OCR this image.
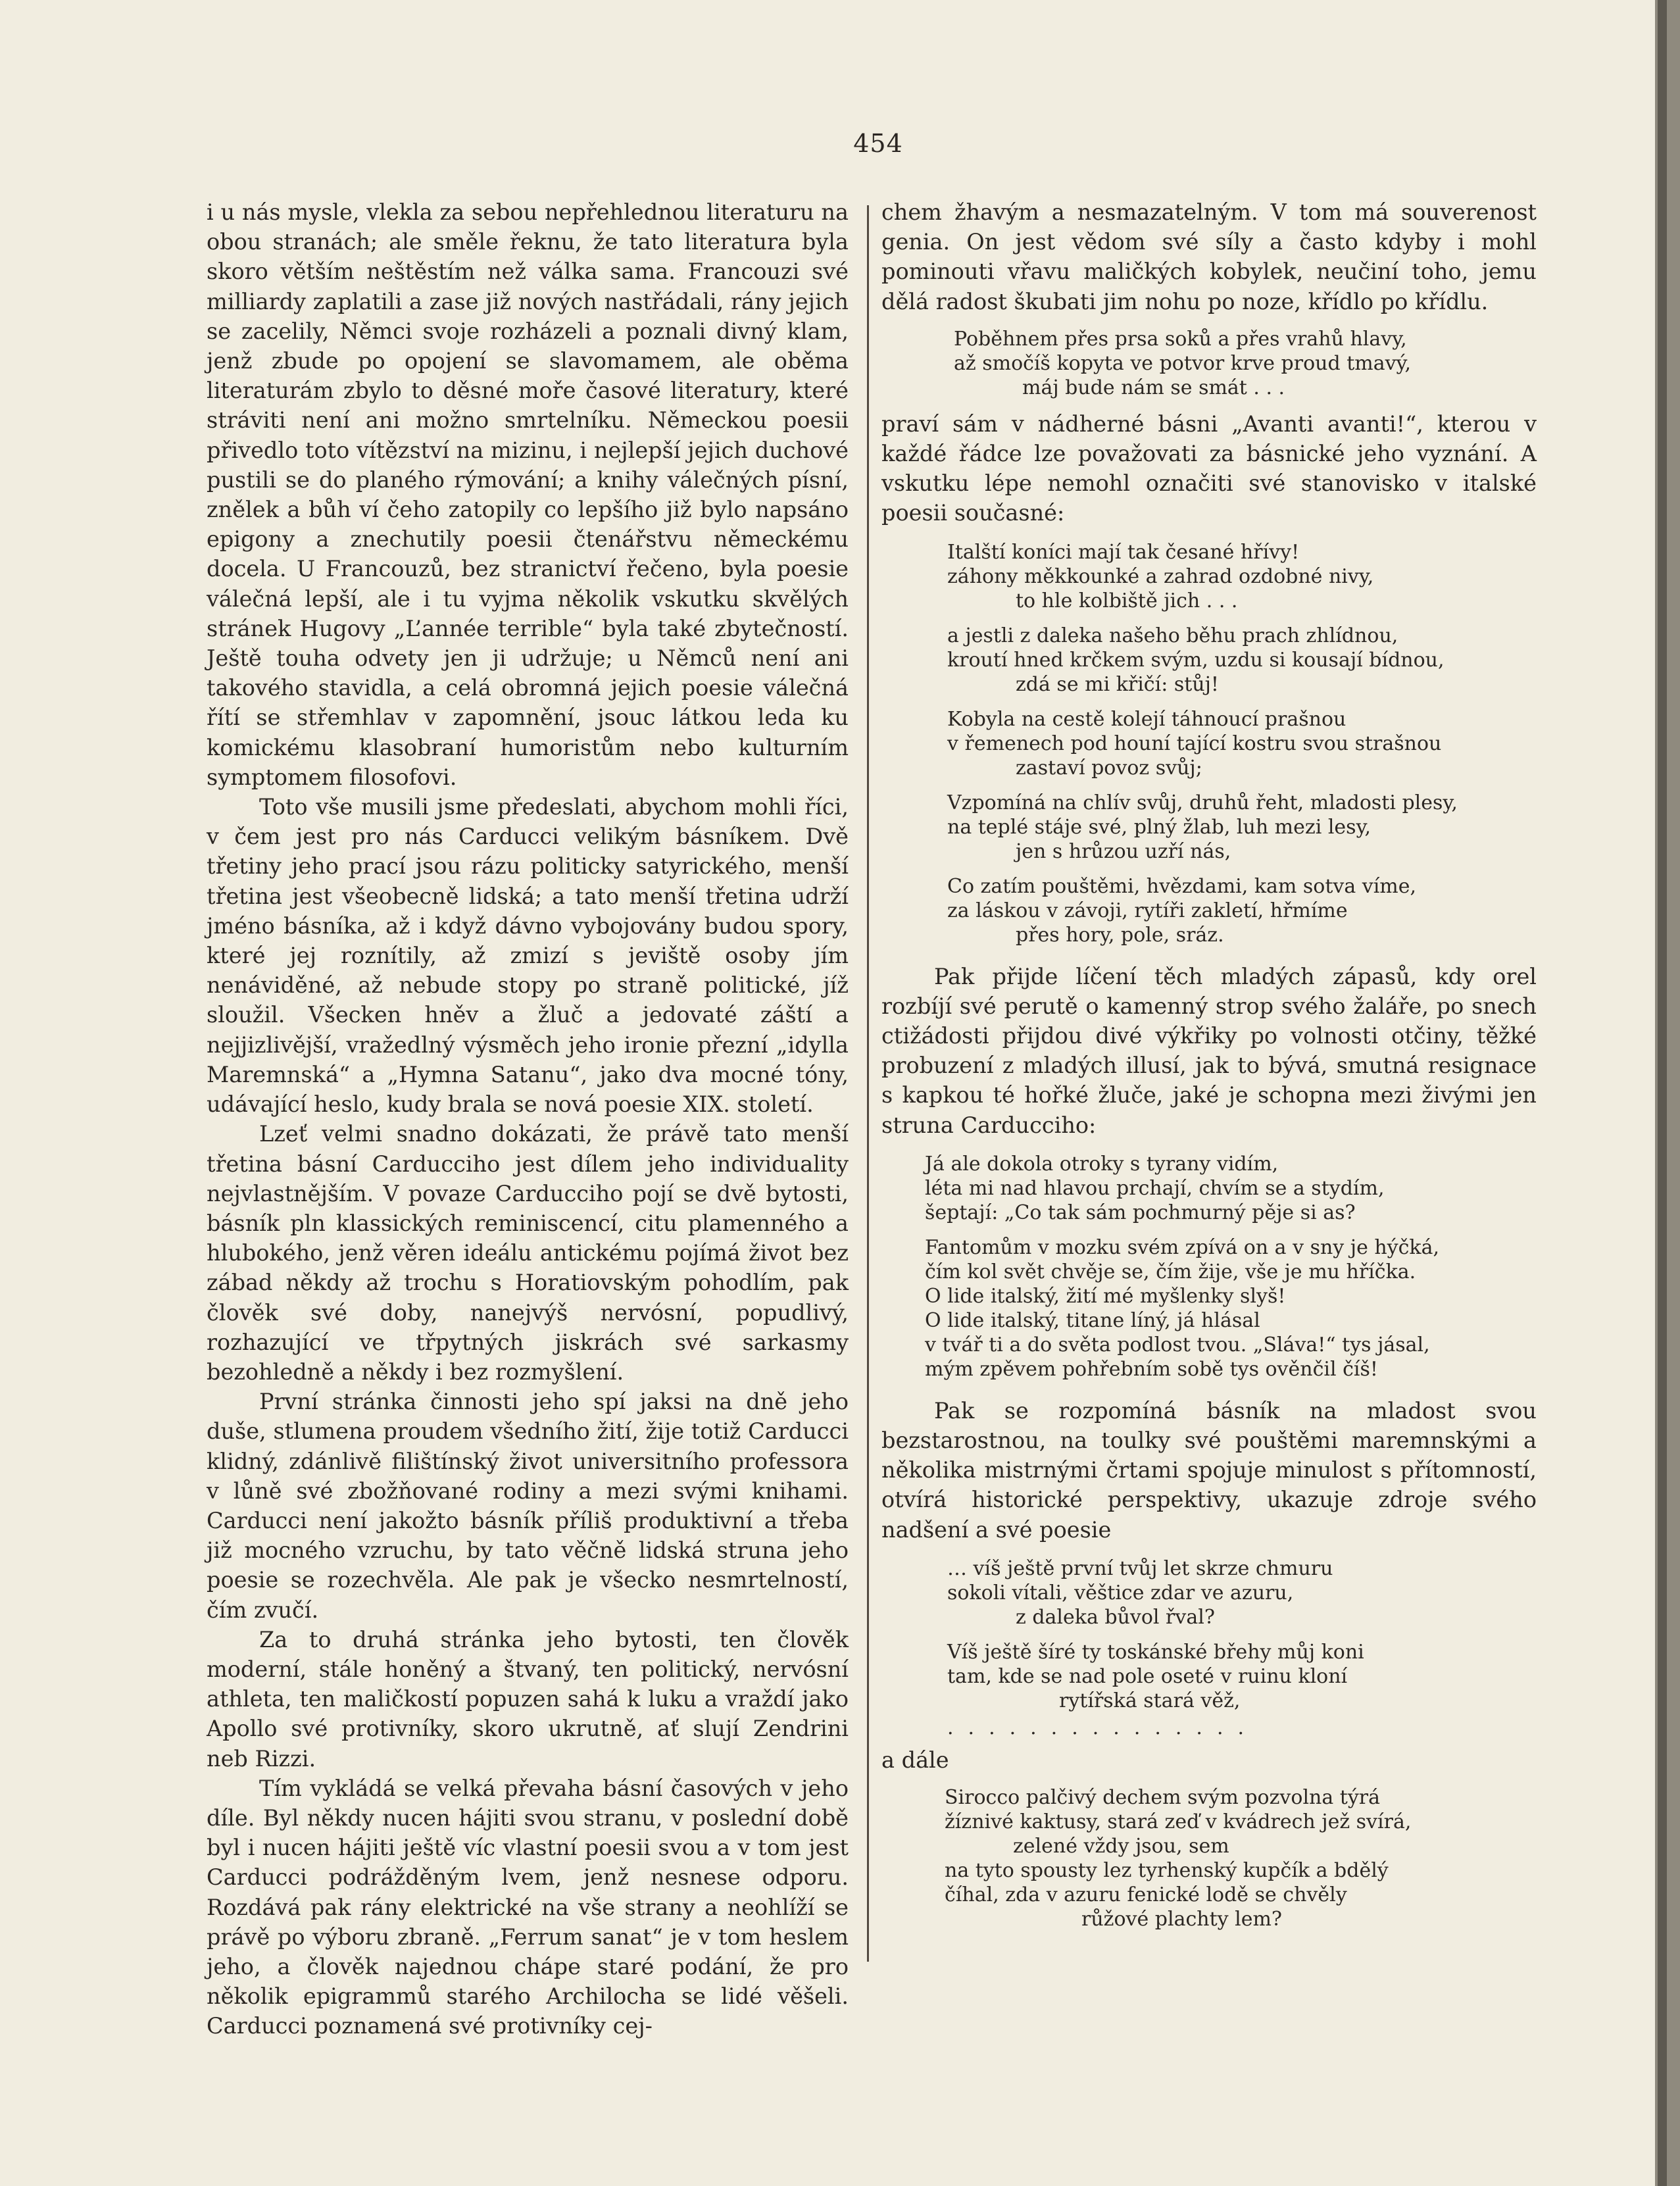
454

i u nás mysle, vlekla za sebou nepřehlednou literaturu na obou stranách; ale směle řeknu, že tato literatura byla skoro větším neštěstím než válka sama. Francouzi své milliardy zaplatili a zase již nových nastřádali, rány jejich se zacelily, Němci svoje rozházeli a poznali divný klam, jenž zbude po opojení se slavomamem, ale oběma literaturám zbylo to děsné moře časové literatury, které stráviti není ani možno smrtelníku. Německou poesii přivedlo toto vítězství na mizinu, i nejlepší jejich duchové pustili se do planého rýmování; a knihy válečných písní, znělek a bůh ví čeho zatopily co lepšího již bylo napsáno epigony a znechutily poesii čtenářstvu německému docela. U Francouzů, bez stranictví řečeno, byla poesie válečná lepší, ale i tu vyjma několik vskutku skvělých stránek Hugovy „L’année terrible“ byla také zbytečností. Ještě touha odvety jen ji udržuje; u Němců není ani takového stavidla, a celá obromná jejich poesie válečná řítí se střemhlav v zapomnění, jsouc látkou leda ku komickému klasobraní humoristům nebo kulturním symptomem filosofovi.

Toto vše musili jsme předeslati, abychom mohli říci, v čem jest pro nás Carducci velikým básníkem. Dvě třetiny jeho prací jsou rázu politicky satyrického, menší třetina jest všeobecně lidská; a tato menší třetina udrží jméno básníka, až i když dávno vybojovány budou spory, které jej roznítily, až zmizí s jeviště osoby jím nenáviděné, až nebude stopy po straně politické, jíž sloužil. Všecken hněv a žluč a jedovaté záští a nejjizlivější, vražedlný výsměch jeho ironie přezní „idylla Maremnská“ a „Hymna Satanu“, jako dva mocné tóny, udávající heslo, kudy brala se nová poesie XIX. století.

Lzeť velmi snadno dokázati, že právě tato menší třetina básní Carducciho jest dílem jeho individuality nejvlastnějším. V povaze Carducciho pojí se dvě bytosti, básník pln klassických reminiscencí, citu plamenného a hlubokého, jenž věren ideálu antickému pojímá život bez zábad někdy až trochu s Horatiovským pohodlím, pak člověk své doby, nanejvýš nervósní, popudlivý, rozhazující ve třpytných jiskrách své sarkasmy bezohledně a někdy i bez rozmyšlení.

První stránka činnosti jeho spí jaksi na dně jeho duše, stlumena proudem všedního žití, žije totiž Carducci klidný, zdánlivě filištínský život universitního professora v lůně své zbožňované rodiny a mezi svými knihami. Carducci není jakožto básník příliš produktivní a třeba již mocného vzruchu, by tato věčně lidská struna jeho poesie se rozechvěla. Ale pak je všecko nesmrtelností, čím zvučí.

Za to druhá stránka jeho bytosti, ten člověk moderní, stále honěný a štvaný, ten politický, nervósní athleta, ten maličkostí popuzen sahá k luku a vraždí jako Apollo své protivníky, skoro ukrutně, ať slují Zendrini neb Rizzi.

Tím vykládá se velká převaha básní časových v jeho díle. Byl někdy nucen hájiti svou stranu, v poslední době byl i nucen hájiti ještě víc vlastní poesii svou a v tom jest Carducci podrážděným lvem, jenž nesnese odporu. Rozdává pak rány elektrické na vše strany a neohlíží se právě po výboru zbraně. „Ferrum sanat“ je v tom heslem jeho, a člověk najednou chápe staré podání, že pro několik epigrammů starého Archilocha se lidé věšeli. Carducci poznamená své protivníky cej-

chem žhavým a nesmazatelným. V tom má souverenost genia. On jest vědom své síly a často kdyby i mohl pominouti vřavu maličkých kobylek, neučiní toho, jemu dělá radost škubati jim nohu po noze, křídlo po křídlu.

Poběhnem přes prsa soků a přes vrahů hlavy,
až smočíš kopyta ve potvor krve proud tmavý,
máj bude nám se smát . . .

praví sám v nádherné básni „Avanti avanti!“, kterou v každé řádce lze považovati za básnické jeho vyznání. A vskutku lépe nemohl označiti své stanovisko v italské poesii současné:

Italští koníci mají tak česané hřívy!
záhony měkkounké a zahrad ozdobné nivy,
to hle kolbiště jich . . .
a jestli z daleka našeho běhu prach zhlídnou,
kroutí hned krčkem svým, uzdu si kousají bídnou,
zdá se mi křičí: stůj!
Kobyla na cestě kolejí táhnoucí prašnou
v řemenech pod houní tající kostru svou strašnou
zastaví povoz svůj;
Vzpomíná na chlív svůj, druhů řeht, mladosti plesy,
na teplé stáje své, plný žlab, luh mezi lesy,
jen s hrůzou uzří nás,
Co zatím pouštěmi, hvězdami, kam sotva víme,
za láskou v závoji, rytíři zakletí, hřmíme
přes hory, pole, sráz.

Pak přijde líčení těch mladých zápasů, kdy orel rozbíjí své perutě o kamenný strop svého žaláře, po snech ctižádosti přijdou divé výkřiky po volnosti otčiny, těžké probuzení z mladých illusí, jak to bývá, smutná resignace s kapkou té hořké žluče, jaké je schopna mezi živými jen struna Carducciho:

Já ale dokola otroky s tyrany vidím,
léta mi nad hlavou prchají, chvím se a stydím,
šeptají: „Co tak sám pochmurný pěje si as?
Fantomům v mozku svém zpívá on a v sny je hýčká,
čím kol svět chvěje se, čím žije, vše je mu hříčka.
O lide italský, žití mé myšlenky slyš!
O lide italský, titane líný, já hlásal
v tvář ti a do světa podlost tvou. „Sláva!“ tys jásal,
mým zpěvem pohřebním sobě tys ověnčil číš!

Pak se rozpomíná básník na mladost svou bezstarostnou, na toulky své pouštěmi maremnskými a několika mistrnými črtami spojuje minulost s přítomností, otvírá historické perspektivy, ukazuje zdroje svého nadšení a své poesie

… víš ještě první tvůj let skrze chmuru
sokoli vítali, věštice zdar ve azuru,
z daleka bůvol řval?
Víš ještě šíré ty toskánské břehy můj koni
tam, kde se nad pole oseté v ruinu kloní
rytířská stará věž,
...............

a dále

Sirocco palčivý dechem svým pozvolna týrá
žíznivé kaktusy, stará zeď v kvádrech jež svírá,
zelené vždy jsou, sem
na tyto spousty lez tyrhenský kupčík a bdělý
číhal, zda v azuru fenické lodě se chvěly
růžové plachty lem?
